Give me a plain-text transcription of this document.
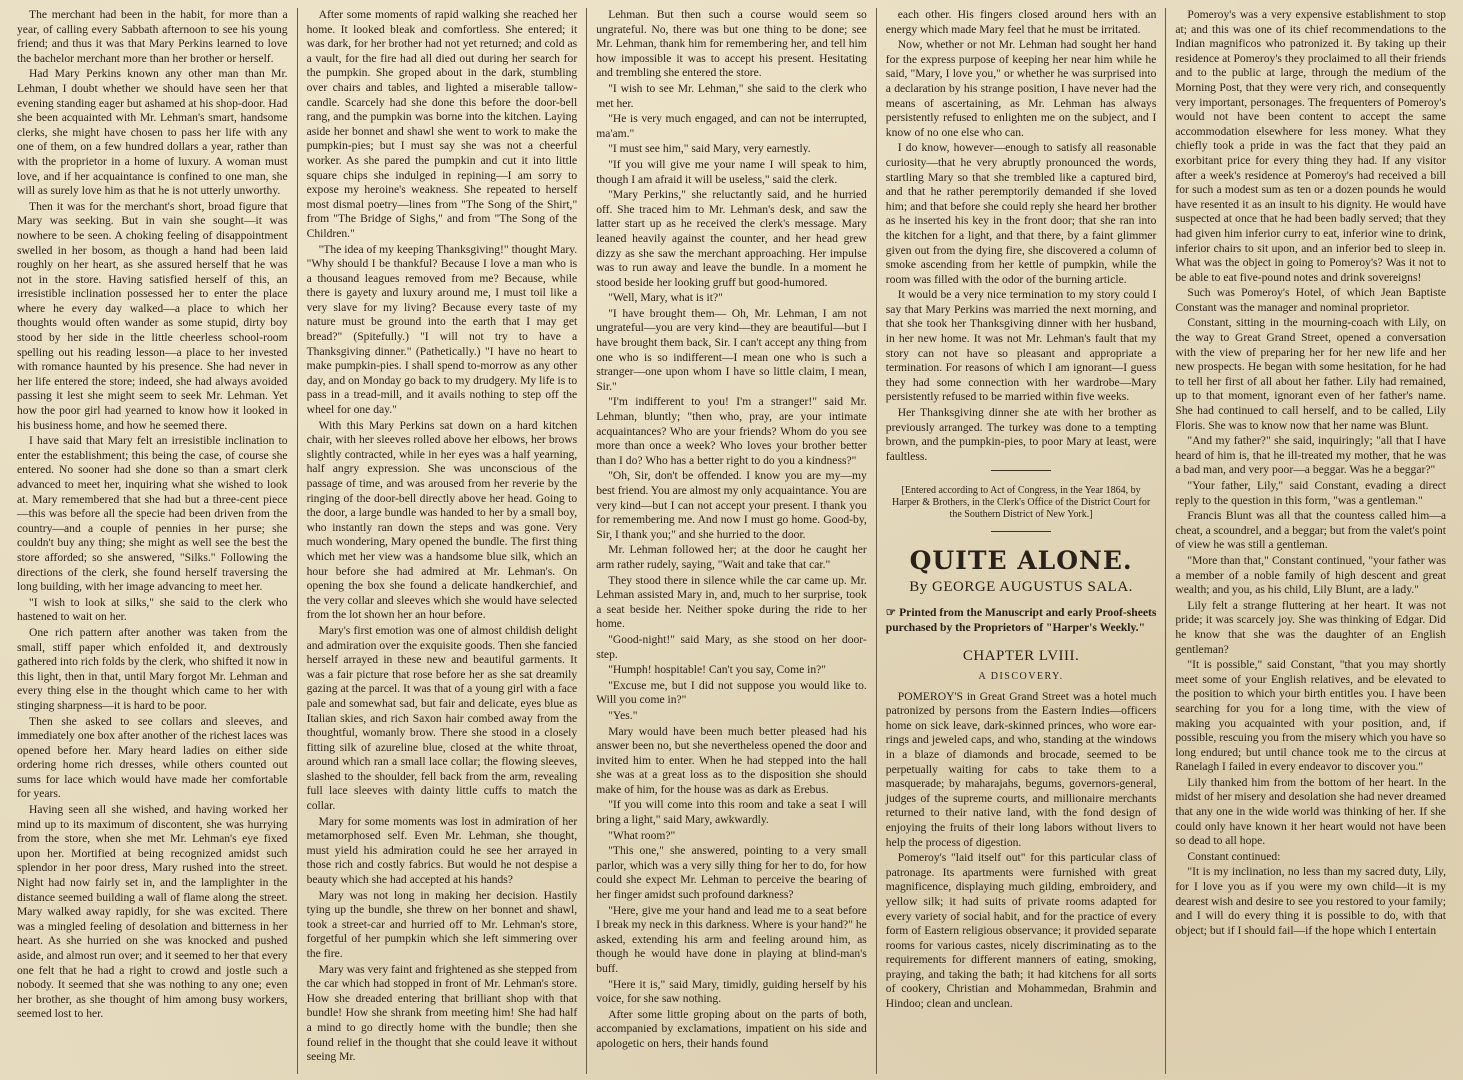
The merchant had been in the habit, for more than a year, of calling every Sabbath afternoon to see his young friend; and thus it was that Mary Perkins learned to love the bachelor merchant more than her brother or herself.

Had Mary Perkins known any other man than Mr. Lehman, I doubt whether we should have seen her that evening standing eager but ashamed at his shop-door. Had she been acquainted with Mr. Lehman's smart, handsome clerks, she might have chosen to pass her life with any one of them, on a few hundred dollars a year, rather than with the proprietor in a home of luxury. A woman must love, and if her acquaintance is confined to one man, she will as surely love him as that he is not utterly unworthy.

Then it was for the merchant's short, broad figure that Mary was seeking. But in vain she sought—it was nowhere to be seen. A choking feeling of disappointment swelled in her bosom, as though a hand had been laid roughly on her heart, as she assured herself that he was not in the store. Having satisfied herself of this, an irresistible inclination possessed her to enter the place where he every day walked—a place to which her thoughts would often wander as some stupid, dirty boy stood by her side in the little cheerless school-room spelling out his reading lesson—a place to her invested with romance haunted by his presence. She had never in her life entered the store; indeed, she had always avoided passing it lest she might seem to seek Mr. Lehman. Yet how the poor girl had yearned to know how it looked in his business home, and how he seemed there.

I have said that Mary felt an irresistible inclination to enter the establishment; this being the case, of course she entered. No sooner had she done so than a smart clerk advanced to meet her, inquiring what she wished to look at. Mary remembered that she had but a three-cent piece—this was before all the specie had been driven from the country—and a couple of pennies in her purse; she couldn't buy any thing; she might as well see the best the store afforded; so she answered, "Silks." Following the directions of the clerk, she found herself traversing the long building, with her image advancing to meet her.

"I wish to look at silks," she said to the clerk who hastened to wait on her.

One rich pattern after another was taken from the small, stiff paper which enfolded it, and dextrously gathered into rich folds by the clerk, who shifted it now in this light, then in that, until Mary forgot Mr. Lehman and every thing else in the thought which came to her with stinging sharpness—it is hard to be poor.

Then she asked to see collars and sleeves, and immediately one box after another of the richest laces was opened before her. Mary heard ladies on either side ordering home rich dresses, while others counted out sums for lace which would have made her comfortable for years.

Having seen all she wished, and having worked her mind up to its maximum of discontent, she was hurrying from the store, when she met Mr. Lehman's eye fixed upon her. Mortified at being recognized amidst such splendor in her poor dress, Mary rushed into the street. Night had now fairly set in, and the lamplighter in the distance seemed building a wall of flame along the street. Mary walked away rapidly, for she was excited. There was a mingled feeling of desolation and bitterness in her heart. As she hurried on she was knocked and pushed aside, and almost run over; and it seemed to her that every one felt that he had a right to crowd and jostle such a nobody. It seemed that she was nothing to any one; even her brother, as she thought of him among busy workers, seemed lost to her.

After some moments of rapid walking she reached her home. It looked bleak and comfortless. She entered; it was dark, for her brother had not yet returned; and cold as a vault, for the fire had all died out during her search for the pumpkin. She groped about in the dark, stumbling over chairs and tables, and lighted a miserable tallow-candle. Scarcely had she done this before the door-bell rang, and the pumpkin was borne into the kitchen. Laying aside her bonnet and shawl she went to work to make the pumpkin-pies; but I must say she was not a cheerful worker. As she pared the pumpkin and cut it into little square chips she indulged in repining—I am sorry to expose my heroine's weakness. She repeated to herself most dismal poetry—lines from "The Song of the Shirt," from "The Bridge of Sighs," and from "The Song of the Children."

"The idea of my keeping Thanksgiving!" thought Mary. "Why should I be thankful? Because I love a man who is a thousand leagues removed from me? Because, while there is gayety and luxury around me, I must toil like a very slave for my living? Because every taste of my nature must be ground into the earth that I may get bread?" (Spitefully.) "I will not try to have a Thanksgiving dinner." (Pathetically.) "I have no heart to make pumpkin-pies. I shall spend to-morrow as any other day, and on Monday go back to my drudgery. My life is to pass in a tread-mill, and it avails nothing to step off the wheel for one day."

With this Mary Perkins sat down on a hard kitchen chair, with her sleeves rolled above her elbows, her brows slightly contracted, while in her eyes was a half yearning, half angry expression. She was unconscious of the passage of time, and was aroused from her reverie by the ringing of the door-bell directly above her head. Going to the door, a large bundle was handed to her by a small boy, who instantly ran down the steps and was gone. Very much wondering, Mary opened the bundle. The first thing which met her view was a handsome blue silk, which an hour before she had admired at Mr. Lehman's. On opening the box she found a delicate handkerchief, and the very collar and sleeves which she would have selected from the lot shown her an hour before.

Mary's first emotion was one of almost childish delight and admiration over the exquisite goods. Then she fancied herself arrayed in these new and beautiful garments. It was a fair picture that rose before her as she sat dreamily gazing at the parcel. It was that of a young girl with a face pale and somewhat sad, but fair and delicate, eyes blue as Italian skies, and rich Saxon hair combed away from the thoughtful, womanly brow. There she stood in a closely fitting silk of azureline blue, closed at the white throat, around which ran a small lace collar; the flowing sleeves, slashed to the shoulder, fell back from the arm, revealing full lace sleeves with dainty little cuffs to match the collar.

Mary for some moments was lost in admiration of her metamorphosed self. Even Mr. Lehman, she thought, must yield his admiration could he see her arrayed in those rich and costly fabrics. But would he not despise a beauty which she had accepted at his hands?

Mary was not long in making her decision. Hastily tying up the bundle, she threw on her bonnet and shawl, took a street-car and hurried off to Mr. Lehman's store, forgetful of her pumpkin which she left simmering over the fire.

Mary was very faint and frightened as she stepped from the car which had stopped in front of Mr. Lehman's store. How she dreaded entering that brilliant shop with that bundle! How she shrank from meeting him! She had half a mind to go directly home with the bundle; then she found relief in the thought that she could leave it without seeing Mr.

Lehman. But then such a course would seem so ungrateful. No, there was but one thing to be done; see Mr. Lehman, thank him for remembering her, and tell him how impossible it was to accept his present. Hesitating and trembling she entered the store.

"I wish to see Mr. Lehman," she said to the clerk who met her.

"He is very much engaged, and can not be interrupted, ma'am."

"I must see him," said Mary, very earnestly.

"If you will give me your name I will speak to him, though I am afraid it will be useless," said the clerk.

"Mary Perkins," she reluctantly said, and he hurried off. She traced him to Mr. Lehman's desk, and saw the latter start up as he received the clerk's message. Mary leaned heavily against the counter, and her head grew dizzy as she saw the merchant approaching. Her impulse was to run away and leave the bundle. In a moment he stood beside her looking gruff but good-humored.

"Well, Mary, what is it?"

"I have brought them— Oh, Mr. Lehman, I am not ungrateful—you are very kind—they are beautiful—but I have brought them back, Sir. I can't accept any thing from one who is so indifferent—I mean one who is such a stranger—one upon whom I have so little claim, I mean, Sir."

"I'm indifferent to you! I'm a stranger!" said Mr. Lehman, bluntly; "then who, pray, are your intimate acquaintances? Who are your friends? Whom do you see more than once a week? Who loves your brother better than I do? Who has a better right to do you a kindness?"

"Oh, Sir, don't be offended. I know you are my—my best friend. You are almost my only acquaintance. You are very kind—but I can not accept your present. I thank you for remembering me. And now I must go home. Good-by, Sir, I thank you;" and she hurried to the door.

Mr. Lehman followed her; at the door he caught her arm rather rudely, saying, "Wait and take that car."

They stood there in silence while the car came up. Mr. Lehman assisted Mary in, and, much to her surprise, took a seat beside her. Neither spoke during the ride to her home.

"Good-night!" said Mary, as she stood on her door-step.

"Humph! hospitable! Can't you say, Come in?"

"Excuse me, but I did not suppose you would like to. Will you come in?"

"Yes."

Mary would have been much better pleased had his answer been no, but she nevertheless opened the door and invited him to enter. When he had stepped into the hall she was at a great loss as to the disposition she should make of him, for the house was as dark as Erebus.

"If you will come into this room and take a seat I will bring a light," said Mary, awkwardly.

"What room?"

"This one," she answered, pointing to a very small parlor, which was a very silly thing for her to do, for how could she expect Mr. Lehman to perceive the bearing of her finger amidst such profound darkness?

"Here, give me your hand and lead me to a seat before I break my neck in this darkness. Where is your hand?" he asked, extending his arm and feeling around him, as though he would have done in playing at blind-man's buff.

"Here it is," said Mary, timidly, guiding herself by his voice, for she saw nothing.

After some little groping about on the parts of both, accompanied by exclamations, impatient on his side and apologetic on hers, their hands found

each other. His fingers closed around hers with an energy which made Mary feel that he must be irritated.

Now, whether or not Mr. Lehman had sought her hand for the express purpose of keeping her near him while he said, "Mary, I love you," or whether he was surprised into a declaration by his strange position, I have never had the means of ascertaining, as Mr. Lehman has always persistently refused to enlighten me on the subject, and I know of no one else who can.

I do know, however—enough to satisfy all reasonable curiosity—that he very abruptly pronounced the words, startling Mary so that she trembled like a captured bird, and that he rather peremptorily demanded if she loved him; and that before she could reply she heard her brother as he inserted his key in the front door; that she ran into the kitchen for a light, and that there, by a faint glimmer given out from the dying fire, she discovered a column of smoke ascending from her kettle of pumpkin, while the room was filled with the odor of the burning article.

It would be a very nice termination to my story could I say that Mary Perkins was married the next morning, and that she took her Thanksgiving dinner with her husband, in her new home. It was not Mr. Lehman's fault that my story can not have so pleasant and appropriate a termination. For reasons of which I am ignorant—I guess they had some connection with her wardrobe—Mary persistently refused to be married within five weeks.

Her Thanksgiving dinner she ate with her brother as previously arranged. The turkey was done to a tempting brown, and the pumpkin-pies, to poor Mary at least, were faultless.

[Entered according to Act of Congress, in the Year 1864, by Harper & Brothers, in the Clerk's Office of the District Court for the Southern District of New York.]

QUITE ALONE.
By GEORGE AUGUSTUS SALA.
☞ Printed from the Manuscript and early Proof-sheets purchased by the Proprietors of "Harper's Weekly."
CHAPTER LVIII.
A DISCOVERY.

POMEROY'S in Great Grand Street was a hotel much patronized by persons from the Eastern Indies—officers home on sick leave, dark-skinned princes, who wore ear-rings and jeweled caps, and who, standing at the windows in a blaze of diamonds and brocade, seemed to be perpetually waiting for cabs to take them to a masquerade; by maharajahs, begums, governors-general, judges of the supreme courts, and millionaire merchants returned to their native land, with the fond design of enjoying the fruits of their long labors without livers to help the process of digestion.

Pomeroy's "laid itself out" for this particular class of patronage. Its apartments were furnished with great magnificence, displaying much gilding, embroidery, and yellow silk; it had suits of private rooms adapted for every variety of social habit, and for the practice of every form of Eastern religious observance; it provided separate rooms for various castes, nicely discriminating as to the requirements for different manners of eating, smoking, praying, and taking the bath; it had kitchens for all sorts of cookery, Christian and Mohammedan, Brahmin and Hindoo; clean and unclean.

Pomeroy's was a very expensive establishment to stop at; and this was one of its chief recommendations to the Indian magnificos who patronized it. By taking up their residence at Pomeroy's they proclaimed to all their friends and to the public at large, through the medium of the Morning Post, that they were very rich, and consequently very important, personages. The frequenters of Pomeroy's would not have been content to accept the same accommodation elsewhere for less money. What they chiefly took a pride in was the fact that they paid an exorbitant price for every thing they had. If any visitor after a week's residence at Pomeroy's had received a bill for such a modest sum as ten or a dozen pounds he would have resented it as an insult to his dignity. He would have suspected at once that he had been badly served; that they had given him inferior curry to eat, inferior wine to drink, inferior chairs to sit upon, and an inferior bed to sleep in. What was the object in going to Pomeroy's? Was it not to be able to eat five-pound notes and drink sovereigns!

Such was Pomeroy's Hotel, of which Jean Baptiste Constant was the manager and nominal proprietor.

Constant, sitting in the mourning-coach with Lily, on the way to Great Grand Street, opened a conversation with the view of preparing her for her new life and her new prospects. He began with some hesitation, for he had to tell her first of all about her father. Lily had remained, up to that moment, ignorant even of her father's name. She had continued to call herself, and to be called, Lily Floris. She was to know now that her name was Blunt.

"And my father?" she said, inquiringly; "all that I have heard of him is, that he ill-treated my mother, that he was a bad man, and very poor—a beggar. Was he a beggar?"

"Your father, Lily," said Constant, evading a direct reply to the question in this form, "was a gentleman."

Francis Blunt was all that the countess called him—a cheat, a scoundrel, and a beggar; but from the valet's point of view he was still a gentleman.

"More than that," Constant continued, "your father was a member of a noble family of high descent and great wealth; and you, as his child, Lily Blunt, are a lady."

Lily felt a strange fluttering at her heart. It was not pride; it was scarcely joy. She was thinking of Edgar. Did he know that she was the daughter of an English gentleman?

"It is possible," said Constant, "that you may shortly meet some of your English relatives, and be elevated to the position to which your birth entitles you. I have been searching for you for a long time, with the view of making you acquainted with your position, and, if possible, rescuing you from the misery which you have so long endured; but until chance took me to the circus at Ranelagh I failed in every endeavor to discover you."

Lily thanked him from the bottom of her heart. In the midst of her misery and desolation she had never dreamed that any one in the wide world was thinking of her. If she could only have known it her heart would not have been so dead to all hope.

Constant continued:

"It is my inclination, no less than my sacred duty, Lily, for I love you as if you were my own child—it is my dearest wish and desire to see you restored to your family; and I will do every thing it is possible to do, with that object; but if I should fail—if the hope which I entertain
